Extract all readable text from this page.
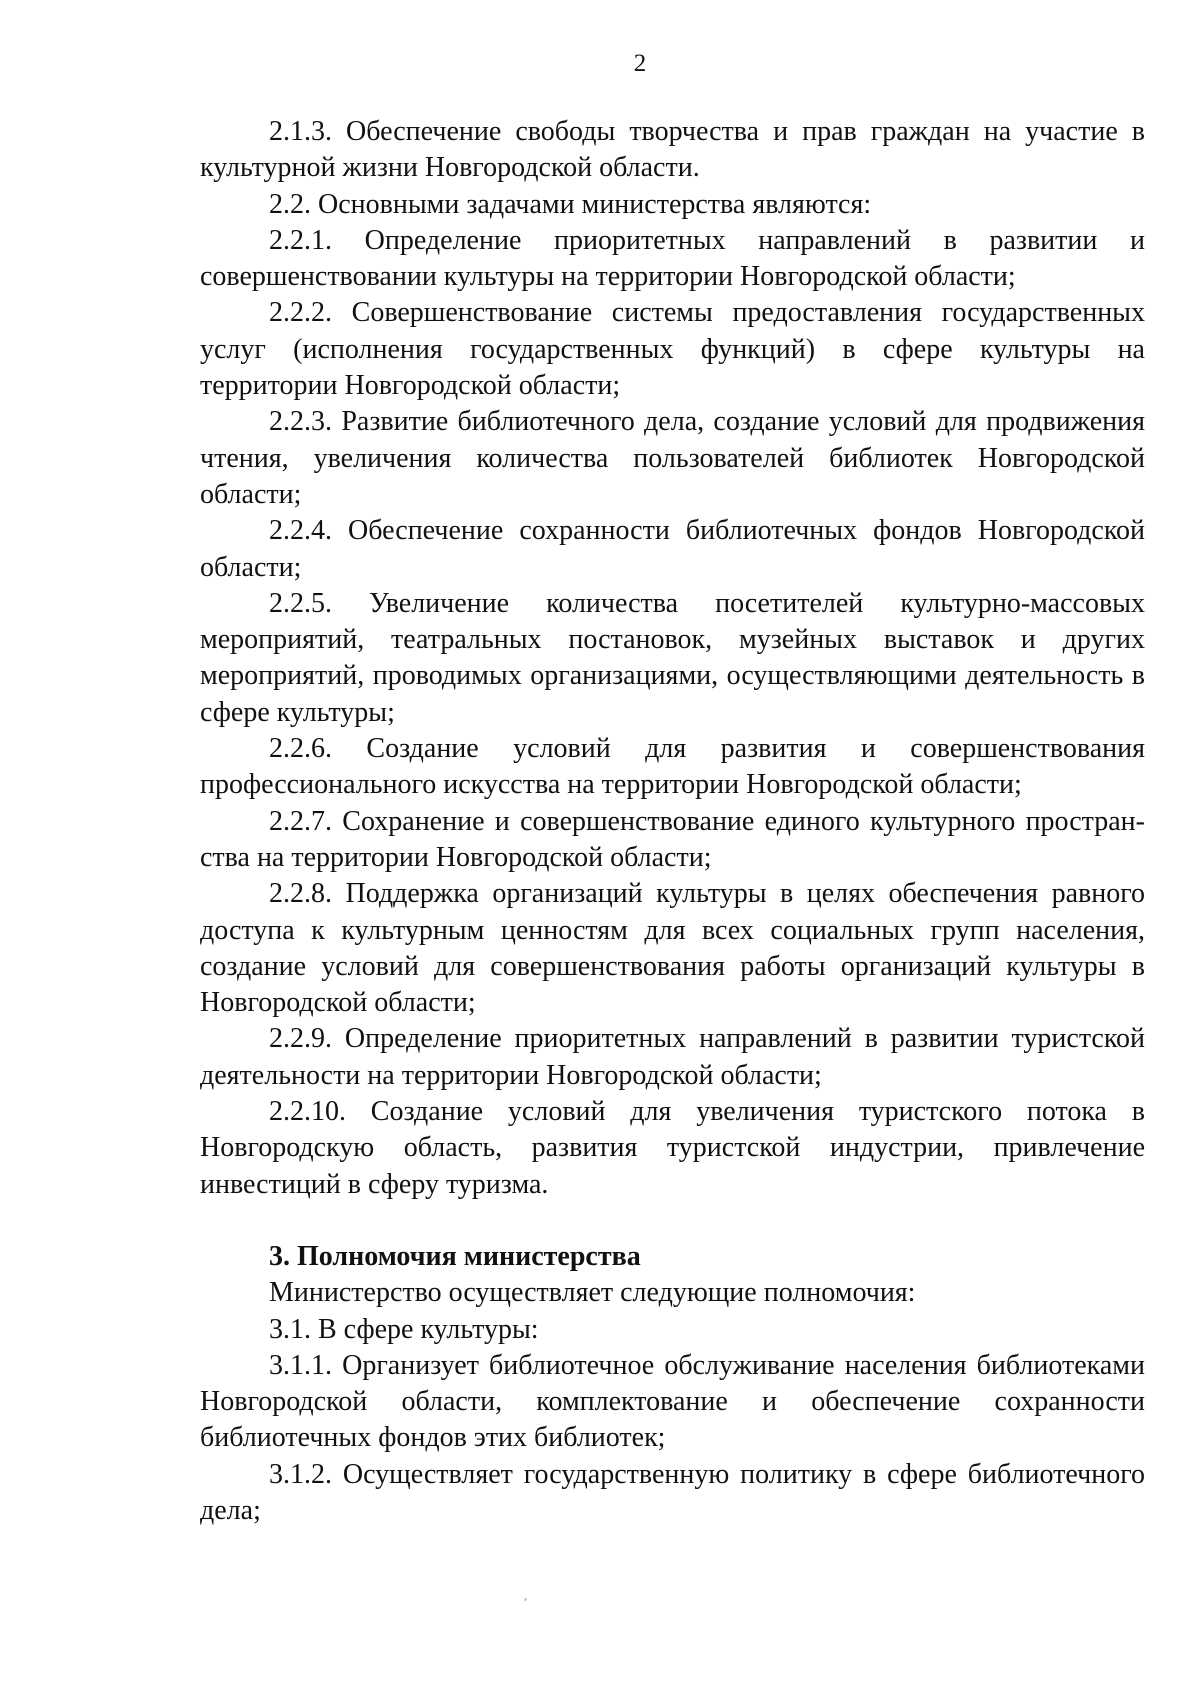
2

2.1.3. Обеспечение свободы творчества и прав граждан на участие в культурной жизни Новгородской области.

2.2. Основными задачами министерства являются:

2.2.1. Определение приоритетных направлений в развитии и совершенствовании культуры на территории Новгородской области;

2.2.2. Совершенствование системы предоставления государственных услуг (исполнения государственных функций) в сфере культуры на территории Новгородской области;

2.2.3. Развитие библиотечного дела, создание условий для продвижения чтения, увеличения количества пользователей библиотек Новгородской области;

2.2.4. Обеспечение сохранности библиотечных фондов Новгородской области;

2.2.5. Увеличение количества посетителей культурно-массовых мероприятий, театральных постановок, музейных выставок и других мероприятий, проводимых организациями, осуществляющими деятельность в сфере культуры;

2.2.6. Создание условий для развития и совершенствования профессионального искусства на территории Новгородской области;

2.2.7. Сохранение и совершенствование единого культурного пространства на территории Новгородской области;

2.2.8. Поддержка организаций культуры в целях обеспечения равного доступа к культурным ценностям для всех социальных групп населения, создание условий для совершенствования работы организаций культуры в Новгородской области;

2.2.9. Определение приоритетных направлений в развитии туристской деятельности на территории Новгородской области;

2.2.10. Создание условий для увеличения туристского потока в Новгородскую область, развития туристской индустрии, привлечение инвестиций в сферу туризма.

3. Полномочия министерства

Министерство осуществляет следующие полномочия:

3.1. В сфере культуры:

3.1.1. Организует библиотечное обслуживание населения библиотеками Новгородской области, комплектование и обеспечение сохранности библиотечных фондов этих библиотек;

3.1.2. Осуществляет государственную политику в сфере библиотечного дела;
